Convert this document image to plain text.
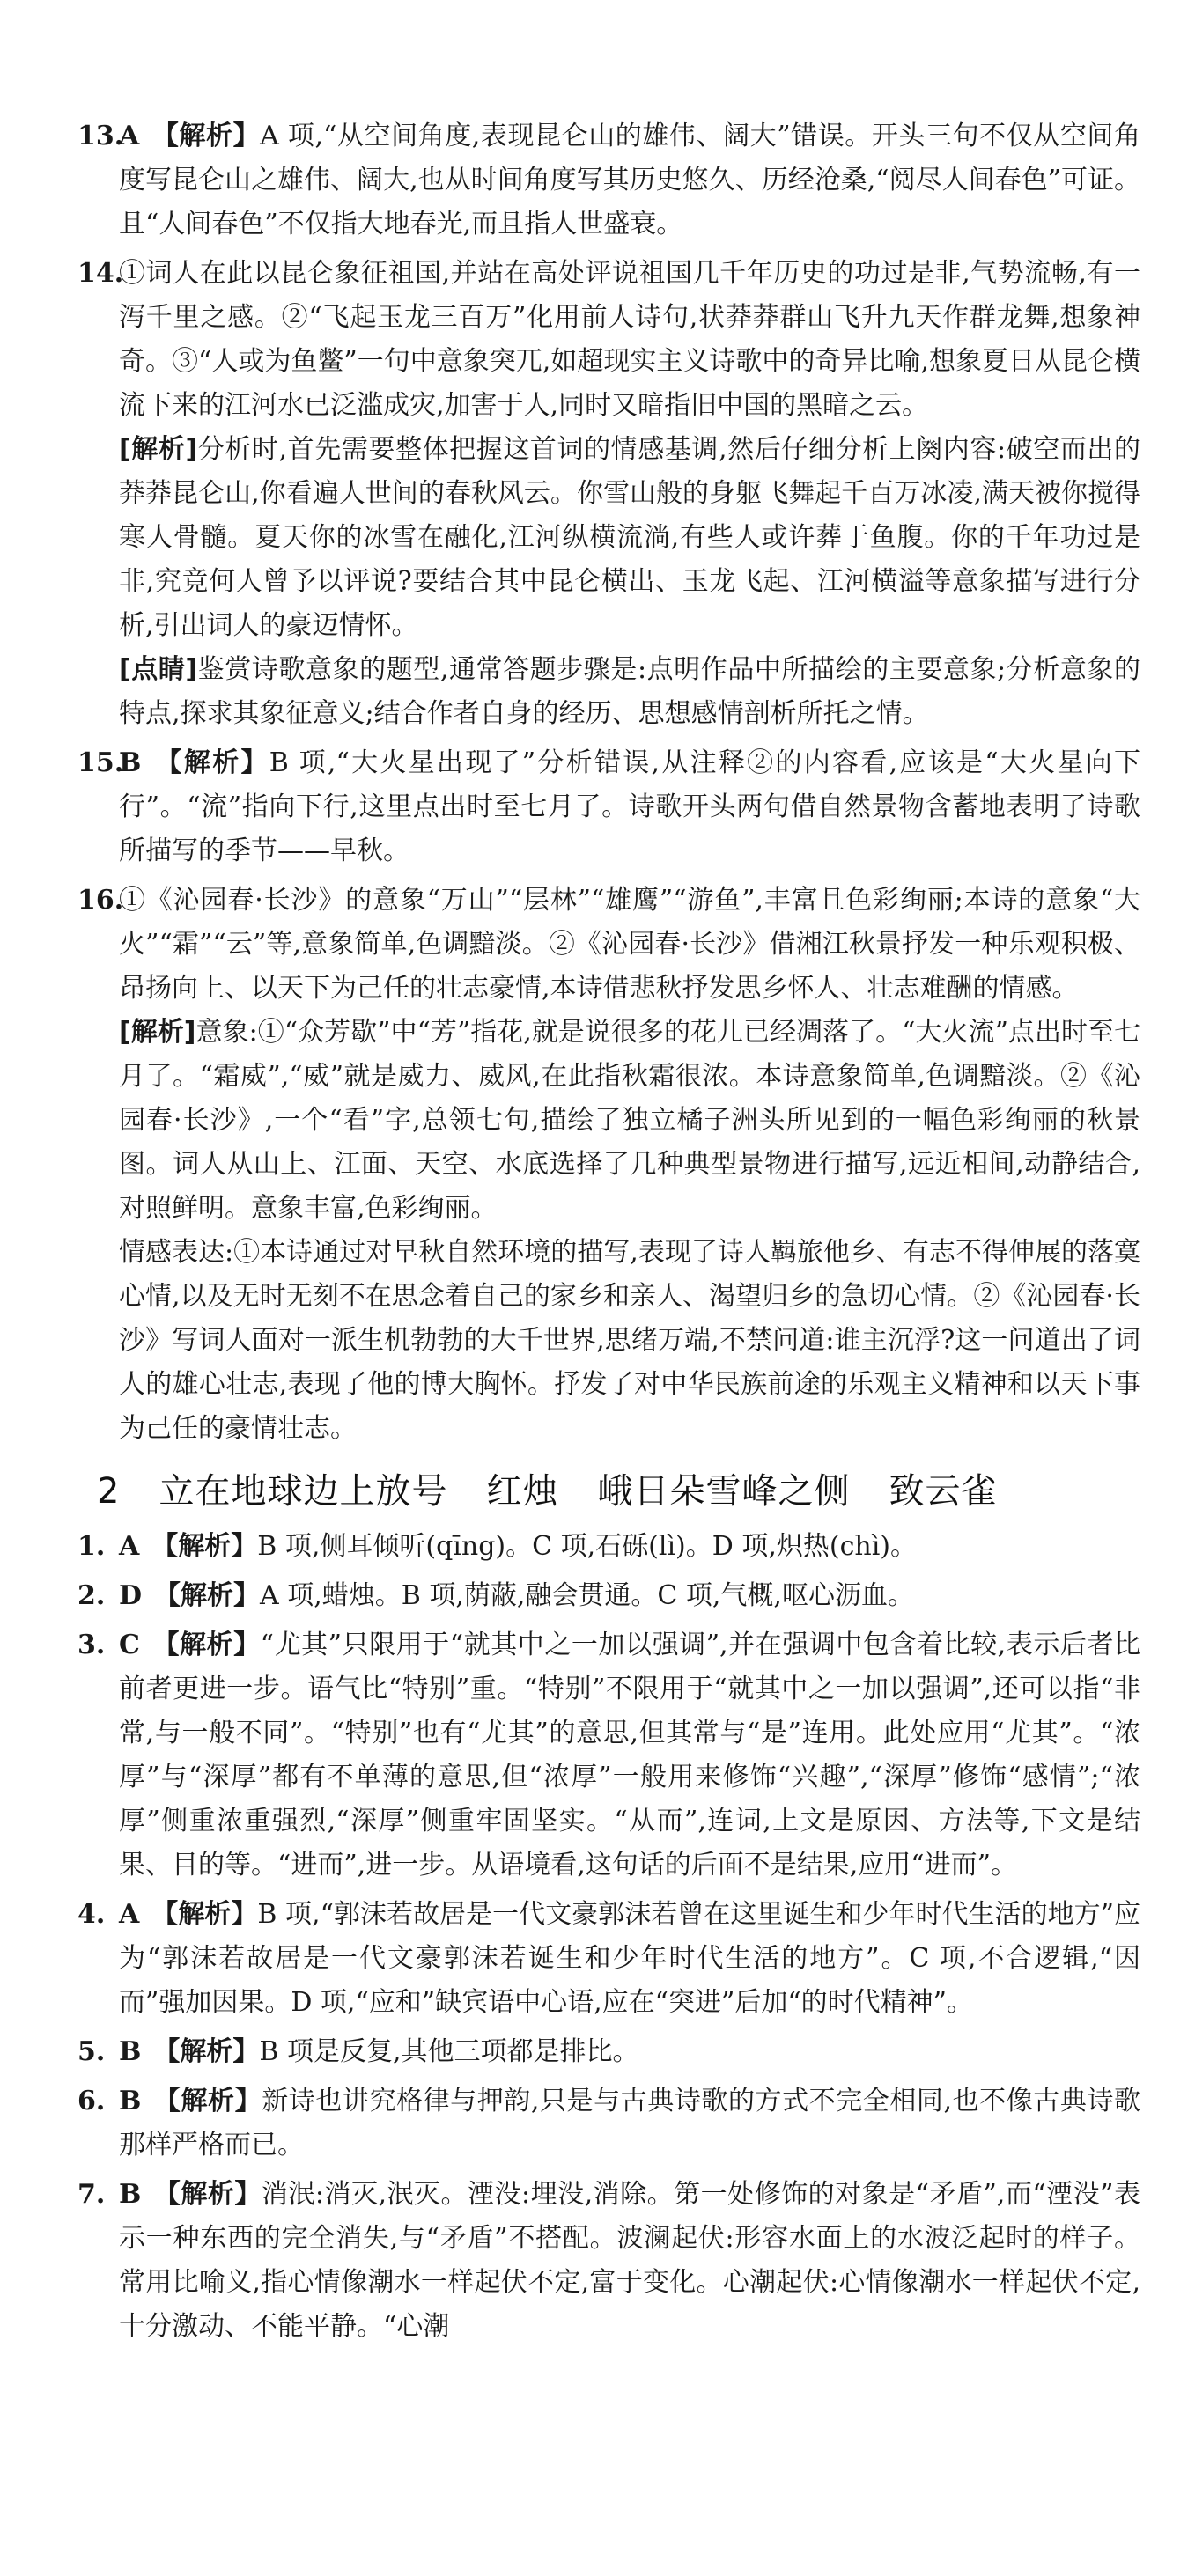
13.
A 【解析】A 项,“从空间角度,表现昆仑山的雄伟、阔大”错误。开头三句不仅从空间角度写昆仑山之雄伟、阔大,也从时间角度写其历史悠久、历经沧桑,“阅尽人间春色”可证。且“人间春色”不仅指大地春光,而且指人世盛衰。
14.
①词人在此以昆仑象征祖国,并站在高处评说祖国几千年历史的功过是非,气势流畅,有一泻千里之感。②“飞起玉龙三百万”化用前人诗句,状莽莽群山飞升九天作群龙舞,想象神奇。③“人或为鱼鳖”一句中意象突兀,如超现实主义诗歌中的奇异比喻,想象夏日从昆仑横流下来的江河水已泛滥成灾,加害于人,同时又暗指旧中国的黑暗之云。
[解析]分析时,首先需要整体把握这首词的情感基调,然后仔细分析上阕内容:破空而出的莽莽昆仑山,你看遍人世间的春秋风云。你雪山般的身躯飞舞起千百万冰凌,满天被你搅得寒人骨髓。夏天你的冰雪在融化,江河纵横流淌,有些人或许葬于鱼腹。你的千年功过是非,究竟何人曾予以评说?要结合其中昆仑横出、玉龙飞起、江河横溢等意象描写进行分析,引出词人的豪迈情怀。
[点睛]鉴赏诗歌意象的题型,通常答题步骤是:点明作品中所描绘的主要意象;分析意象的特点,探求其象征意义;结合作者自身的经历、思想感情剖析所托之情。
15.
B 【解析】B 项,“大火星出现了”分析错误,从注释②的内容看,应该是“大火星向下行”。“流”指向下行,这里点出时至七月了。诗歌开头两句借自然景物含蓄地表明了诗歌所描写的季节——早秋。
16.
①《沁园春·长沙》的意象“万山”“层林”“雄鹰”“游鱼”,丰富且色彩绚丽;本诗的意象“大火”“霜”“云”等,意象简单,色调黯淡。②《沁园春·长沙》借湘江秋景抒发一种乐观积极、昂扬向上、以天下为己任的壮志豪情,本诗借悲秋抒发思乡怀人、壮志难酬的情感。
[解析]意象:①“众芳歇”中“芳”指花,就是说很多的花儿已经凋落了。“大火流”点出时至七月了。“霜威”,“威”就是威力、威风,在此指秋霜很浓。本诗意象简单,色调黯淡。②《沁园春·长沙》,一个“看”字,总领七句,描绘了独立橘子洲头所见到的一幅色彩绚丽的秋景图。词人从山上、江面、天空、水底选择了几种典型景物进行描写,远近相间,动静结合,对照鲜明。意象丰富,色彩绚丽。
情感表达:①本诗通过对早秋自然环境的描写,表现了诗人羁旅他乡、有志不得伸展的落寞心情,以及无时无刻不在思念着自己的家乡和亲人、渴望归乡的急切心情。②《沁园春·长沙》写词人面对一派生机勃勃的大千世界,思绪万端,不禁问道:谁主沉浮?这一问道出了词人的雄心壮志,表现了他的博大胸怀。抒发了对中华民族前途的乐观主义精神和以天下事为己任的豪情壮志。
2 立在地球边上放号 红烛 峨日朵雪峰之侧 致云雀
1. A 【解析】B 项,侧耳倾听(qīng)。C 项,石砾(lì)。D 项,炽热(chì)。
2. D 【解析】A 项,蜡烛。B 项,荫蔽,融会贯通。C 项,气概,呕心沥血。
3. C 【解析】“尤其”只限用于“就其中之一加以强调”,并在强调中包含着比较,表示后者比前者更进一步。语气比“特别”重。“特别”不限用于“就其中之一加以强调”,还可以指“非常,与一般不同”。“特别”也有“尤其”的意思,但其常与“是”连用。此处应用“尤其”。“浓厚”与“深厚”都有不单薄的意思,但“浓厚”一般用来修饰“兴趣”,“深厚”修饰“感情”;“浓厚”侧重浓重强烈,“深厚”侧重牢固坚实。“从而”,连词,上文是原因、方法等,下文是结果、目的等。“进而”,进一步。从语境看,这句话的后面不是结果,应用“进而”。
4. A 【解析】B 项,“郭沫若故居是一代文豪郭沫若曾在这里诞生和少年时代生活的地方”应为“郭沫若故居是一代文豪郭沫若诞生和少年时代生活的地方”。C 项,不合逻辑,“因而”强加因果。D 项,“应和”缺宾语中心语,应在“突进”后加“的时代精神”。
5. B 【解析】B 项是反复,其他三项都是排比。
6. B 【解析】新诗也讲究格律与押韵,只是与古典诗歌的方式不完全相同,也不像古典诗歌那样严格而已。
7. B 【解析】消泯:消灭,泯灭。湮没:埋没,消除。第一处修饰的对象是“矛盾”,而“湮没”表示一种东西的完全消失,与“矛盾”不搭配。波澜起伏:形容水面上的水波泛起时的样子。常用比喻义,指心情像潮水一样起伏不定,富于变化。心潮起伏:心情像潮水一样起伏不定,十分激动、不能平静。“心潮
